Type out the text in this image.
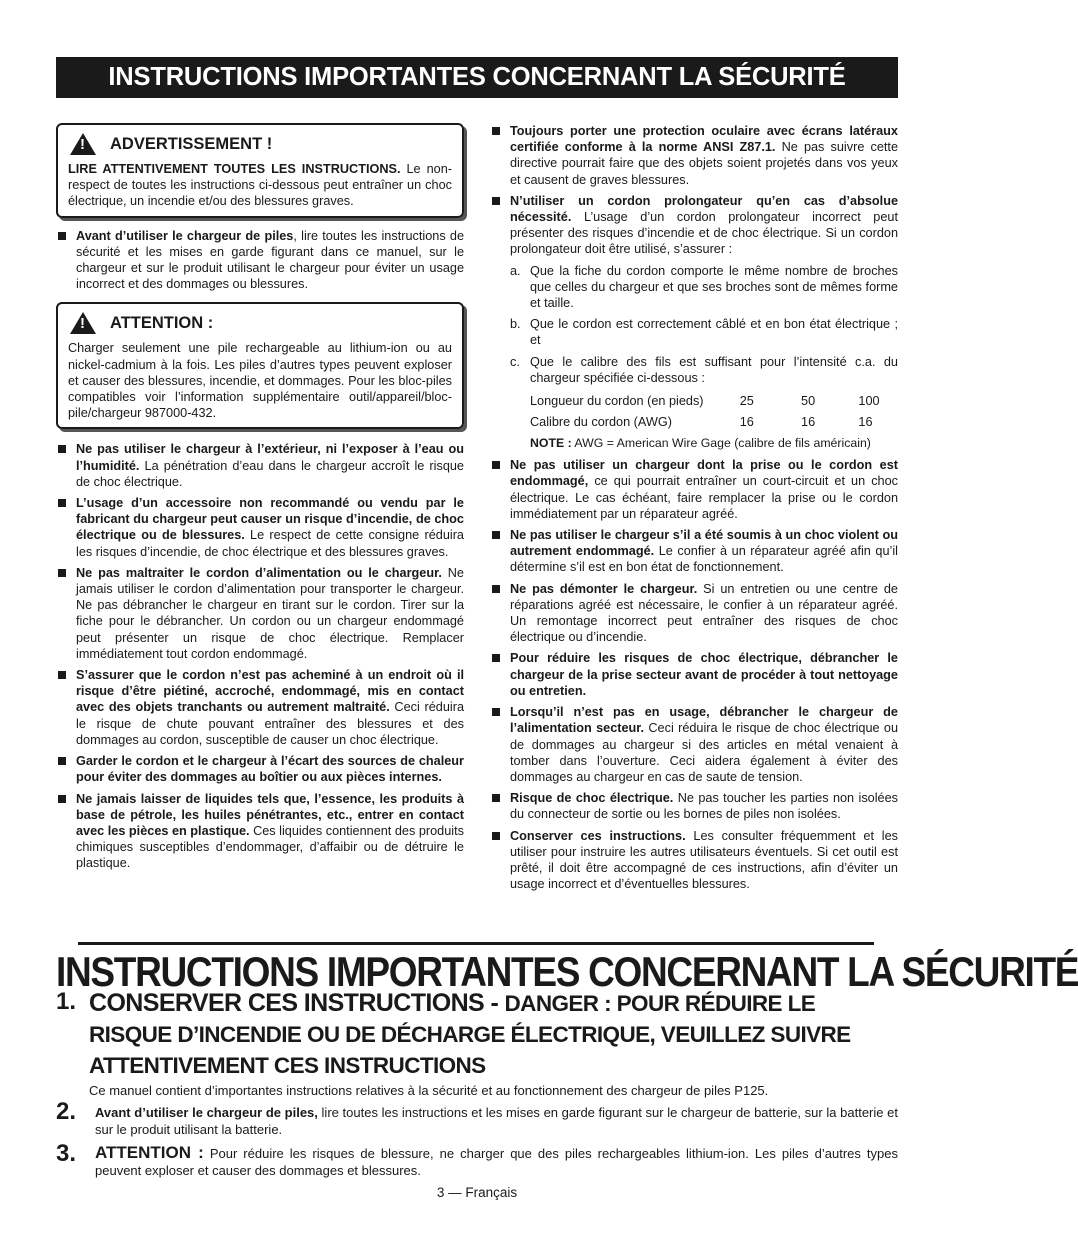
INSTRUCTIONS IMPORTANTES CONCERNANT LA SÉCURITÉ
!
ADVERTISSEMENT !
LIRE ATTENTIVEMENT TOUTES LES INSTRUCTIONS. Le non-respect de toutes les instructions ci-dessous peut entraîner un choc électrique, un incendie et/ou des blessures graves.
Avant d’utiliser le chargeur de piles, lire toutes les instructions de sécurité et les mises en garde figurant dans ce manuel, sur le chargeur et sur le produit utilisant le chargeur pour éviter un usage incorrect et des dommages ou blessures.
!
ATTENTION :
Charger seulement une pile rechargeable au lithium-ion ou au nickel-cadmium à la fois. Les piles d’autres types peuvent exploser et causer des blessures, incendie, et dommages. Pour les bloc-piles compatibles voir l’information supplémentaire outil/appareil/bloc-pile/chargeur 987000-432.
Ne pas utiliser le chargeur à l’extérieur, ni l’exposer à l’eau ou l’humidité. La pénétration d’eau dans le chargeur accroît le risque de choc électrique.
L’usage d’un accessoire non recommandé ou vendu par le fabricant du chargeur peut causer un risque d’incendie, de choc électrique ou de blessures. Le respect de cette consigne réduira les risques d’incendie, de choc électrique et des blessures graves.
Ne pas maltraiter le cordon d’alimentation ou le chargeur. Ne jamais utiliser le cordon d’alimentation pour transporter le chargeur. Ne pas débrancher le chargeur en tirant sur le cordon. Tirer sur la fiche pour le débrancher. Un cordon ou un chargeur endommagé peut présenter un risque de choc électrique. Remplacer immédiatement tout cordon endommagé.
S’assurer que le cordon n’est pas acheminé à un endroit où il risque d’être piétiné, accroché, endommagé, mis en contact avec des objets tranchants ou autrement maltraité. Ceci réduira le risque de chute pouvant entraîner des blessures et des dommages au cordon, susceptible de causer un choc électrique.
Garder le cordon et le chargeur à l’écart des sources de chaleur pour éviter des dommages au boîtier ou aux pièces internes.
Ne jamais laisser de liquides tels que, l’essence, les produits à base de pétrole, les huiles pénétrantes, etc., entrer en contact avec les pièces en plastique. Ces liquides contiennent des produits chimiques susceptibles d’endommager, d’affaibir ou de détruire le plastique.
Toujours porter une protection oculaire avec écrans latéraux certifiée conforme à la norme ANSI Z87.1. Ne pas suivre cette directive pourrait faire que des objets soient projetés dans vos yeux et causent de graves blessures.
N’utiliser un cordon prolongateur qu’en cas d’absolue nécessité. L’usage d’un cordon prolongateur incorrect peut présenter des risques d’incendie et de choc électrique. Si un cordon prolongateur doit être utilisé, s’assurer :
a. Que la fiche du cordon comporte le même nombre de broches que celles du chargeur et que ses broches sont de mêmes forme et taille.
b. Que le cordon est correctement câblé et en bon état électrique ; et
c. Que le calibre des fils est suffisant pour l’intensité c.a. du chargeur spécifiée ci-dessous :
Longueur du cordon (en pieds)	25	50	100
Calibre du cordon (AWG)	16	16	16
NOTE : AWG = American Wire Gage (calibre de fils américain)
Ne pas utiliser un chargeur dont la prise ou le cordon est endommagé, ce qui pourrait entraîner un court-circuit et un choc électrique. Le cas échéant, faire remplacer la prise ou le cordon immédiatement par un réparateur agréé.
Ne pas utiliser le chargeur s’il a été soumis à un choc violent ou autrement endommagé. Le confier à un réparateur agréé afin qu’il détermine s’il est en bon état de fonctionnement.
Ne pas démonter le chargeur. Si un entretien ou une centre de réparations agréé est nécessaire, le confier à un réparateur agréé. Un remontage incorrect peut entraîner des risques de choc électrique ou d’incendie.
Pour réduire les risques de choc électrique, débrancher le chargeur de la prise secteur avant de procéder à tout nettoyage ou entretien.
Lorsqu’il n’est pas en usage, débrancher le chargeur de l’alimentation secteur. Ceci réduira le risque de choc électrique ou de dommages au chargeur si des articles en métal venaient à tomber dans l’ouverture. Ceci aidera également à éviter des dommages au chargeur en cas de saute de tension.
Risque de choc électrique. Ne pas toucher les parties non isolées du connecteur de sortie ou les bornes de piles non isolées.
Conserver ces instructions. Les consulter fréquemment et les utiliser pour instruire les autres utilisateurs éventuels. Si cet outil est prêté, il doit être accompagné de ces instructions, afin d’éviter un usage incorrect et d’éventuelles blessures.
INSTRUCTIONS IMPORTANTES CONCERNANT LA SÉCURITÉ
1. CONSERVER CES INSTRUCTIONS - DANGER : POUR RÉDUIRE LE RISQUE D’INCENDIE OU DE DÉCHARGE ÉLECTRIQUE, VEUILLEZ SUIVRE ATTENTIVEMENT CES INSTRUCTIONS
Ce manuel contient d’importantes instructions relatives à la sécurité et au fonctionnement des chargeur de piles P125.
2. Avant d’utiliser le chargeur de piles, lire toutes les instructions et les mises en garde figurant sur le chargeur de batterie, sur la batterie et sur le produit utilisant la batterie.
3. ATTENTION : Pour réduire les risques de blessure, ne charger que des piles rechargeables lithium-ion. Les piles d’autres types peuvent exploser et causer des dommages et blessures.
3 — Français
